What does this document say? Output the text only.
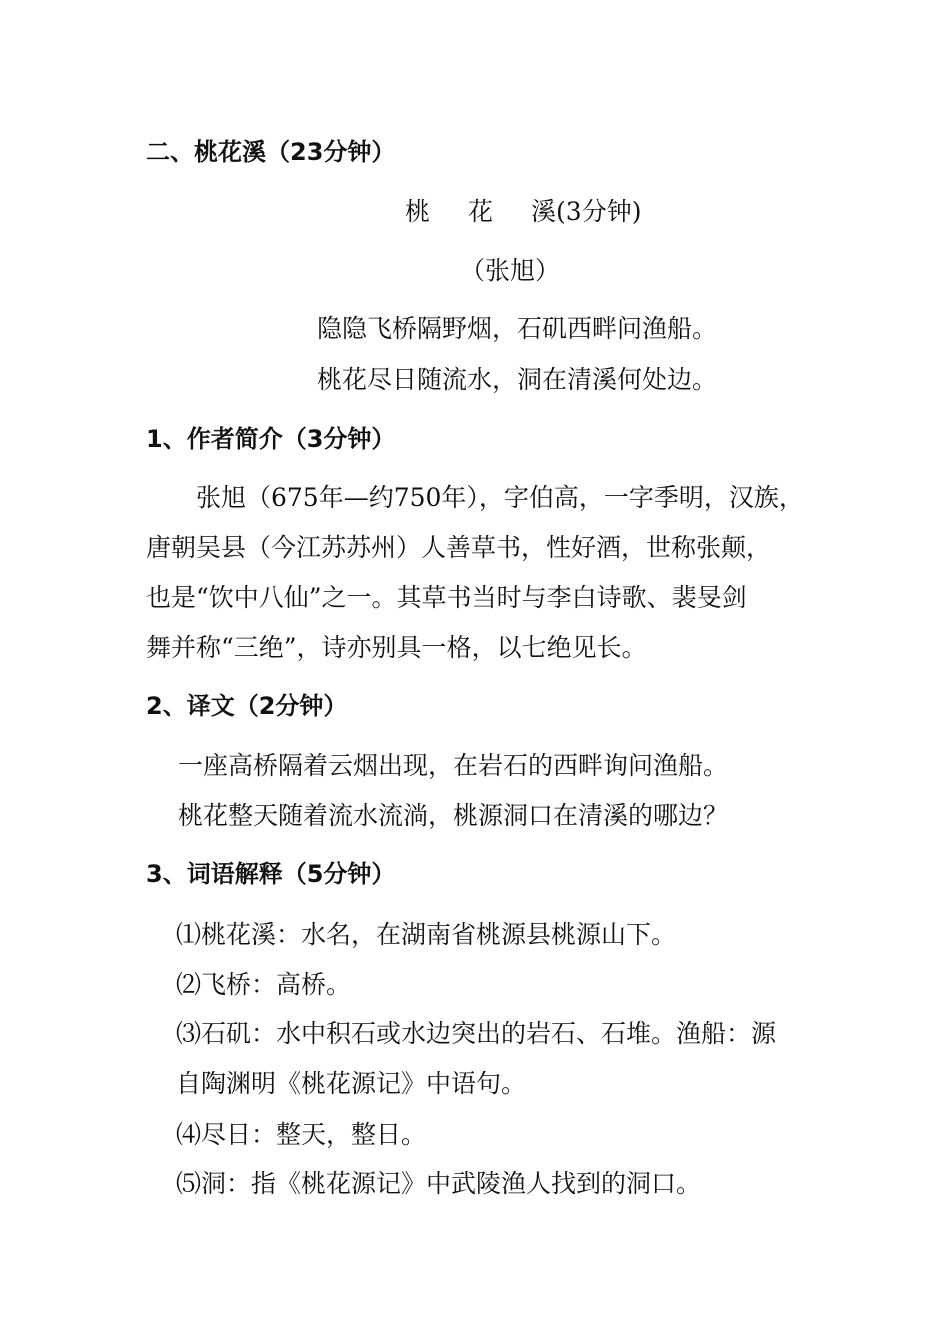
二、桃花溪（23分钟）
桃 花 溪(3分钟)
（张旭）
隐隐飞桥隔野烟，石矶西畔问渔船。
桃花尽日随流水，洞在清溪何处边。
1、作者简介（3分钟）
张旭（675年—约750年），字伯高，一字季明，汉族，
唐朝吴县（今江苏苏州）人善草书，性好酒，世称张颠，
也是“饮中八仙”之一。其草书当时与李白诗歌、裴旻剑
舞并称“三绝”，诗亦别具一格，以七绝见长。
2、译文（2分钟）
一座高桥隔着云烟出现，在岩石的西畔询问渔船。
桃花整天随着流水流淌，桃源洞口在清溪的哪边？
3、词语解释（5分钟）
⑴桃花溪：水名，在湖南省桃源县桃源山下。
⑵飞桥：高桥。
⑶石矶：水中积石或水边突出的岩石、石堆。渔船：源
自陶渊明《桃花源记》中语句。
⑷尽日：整天，整日。
⑸洞：指《桃花源记》中武陵渔人找到的洞口。
